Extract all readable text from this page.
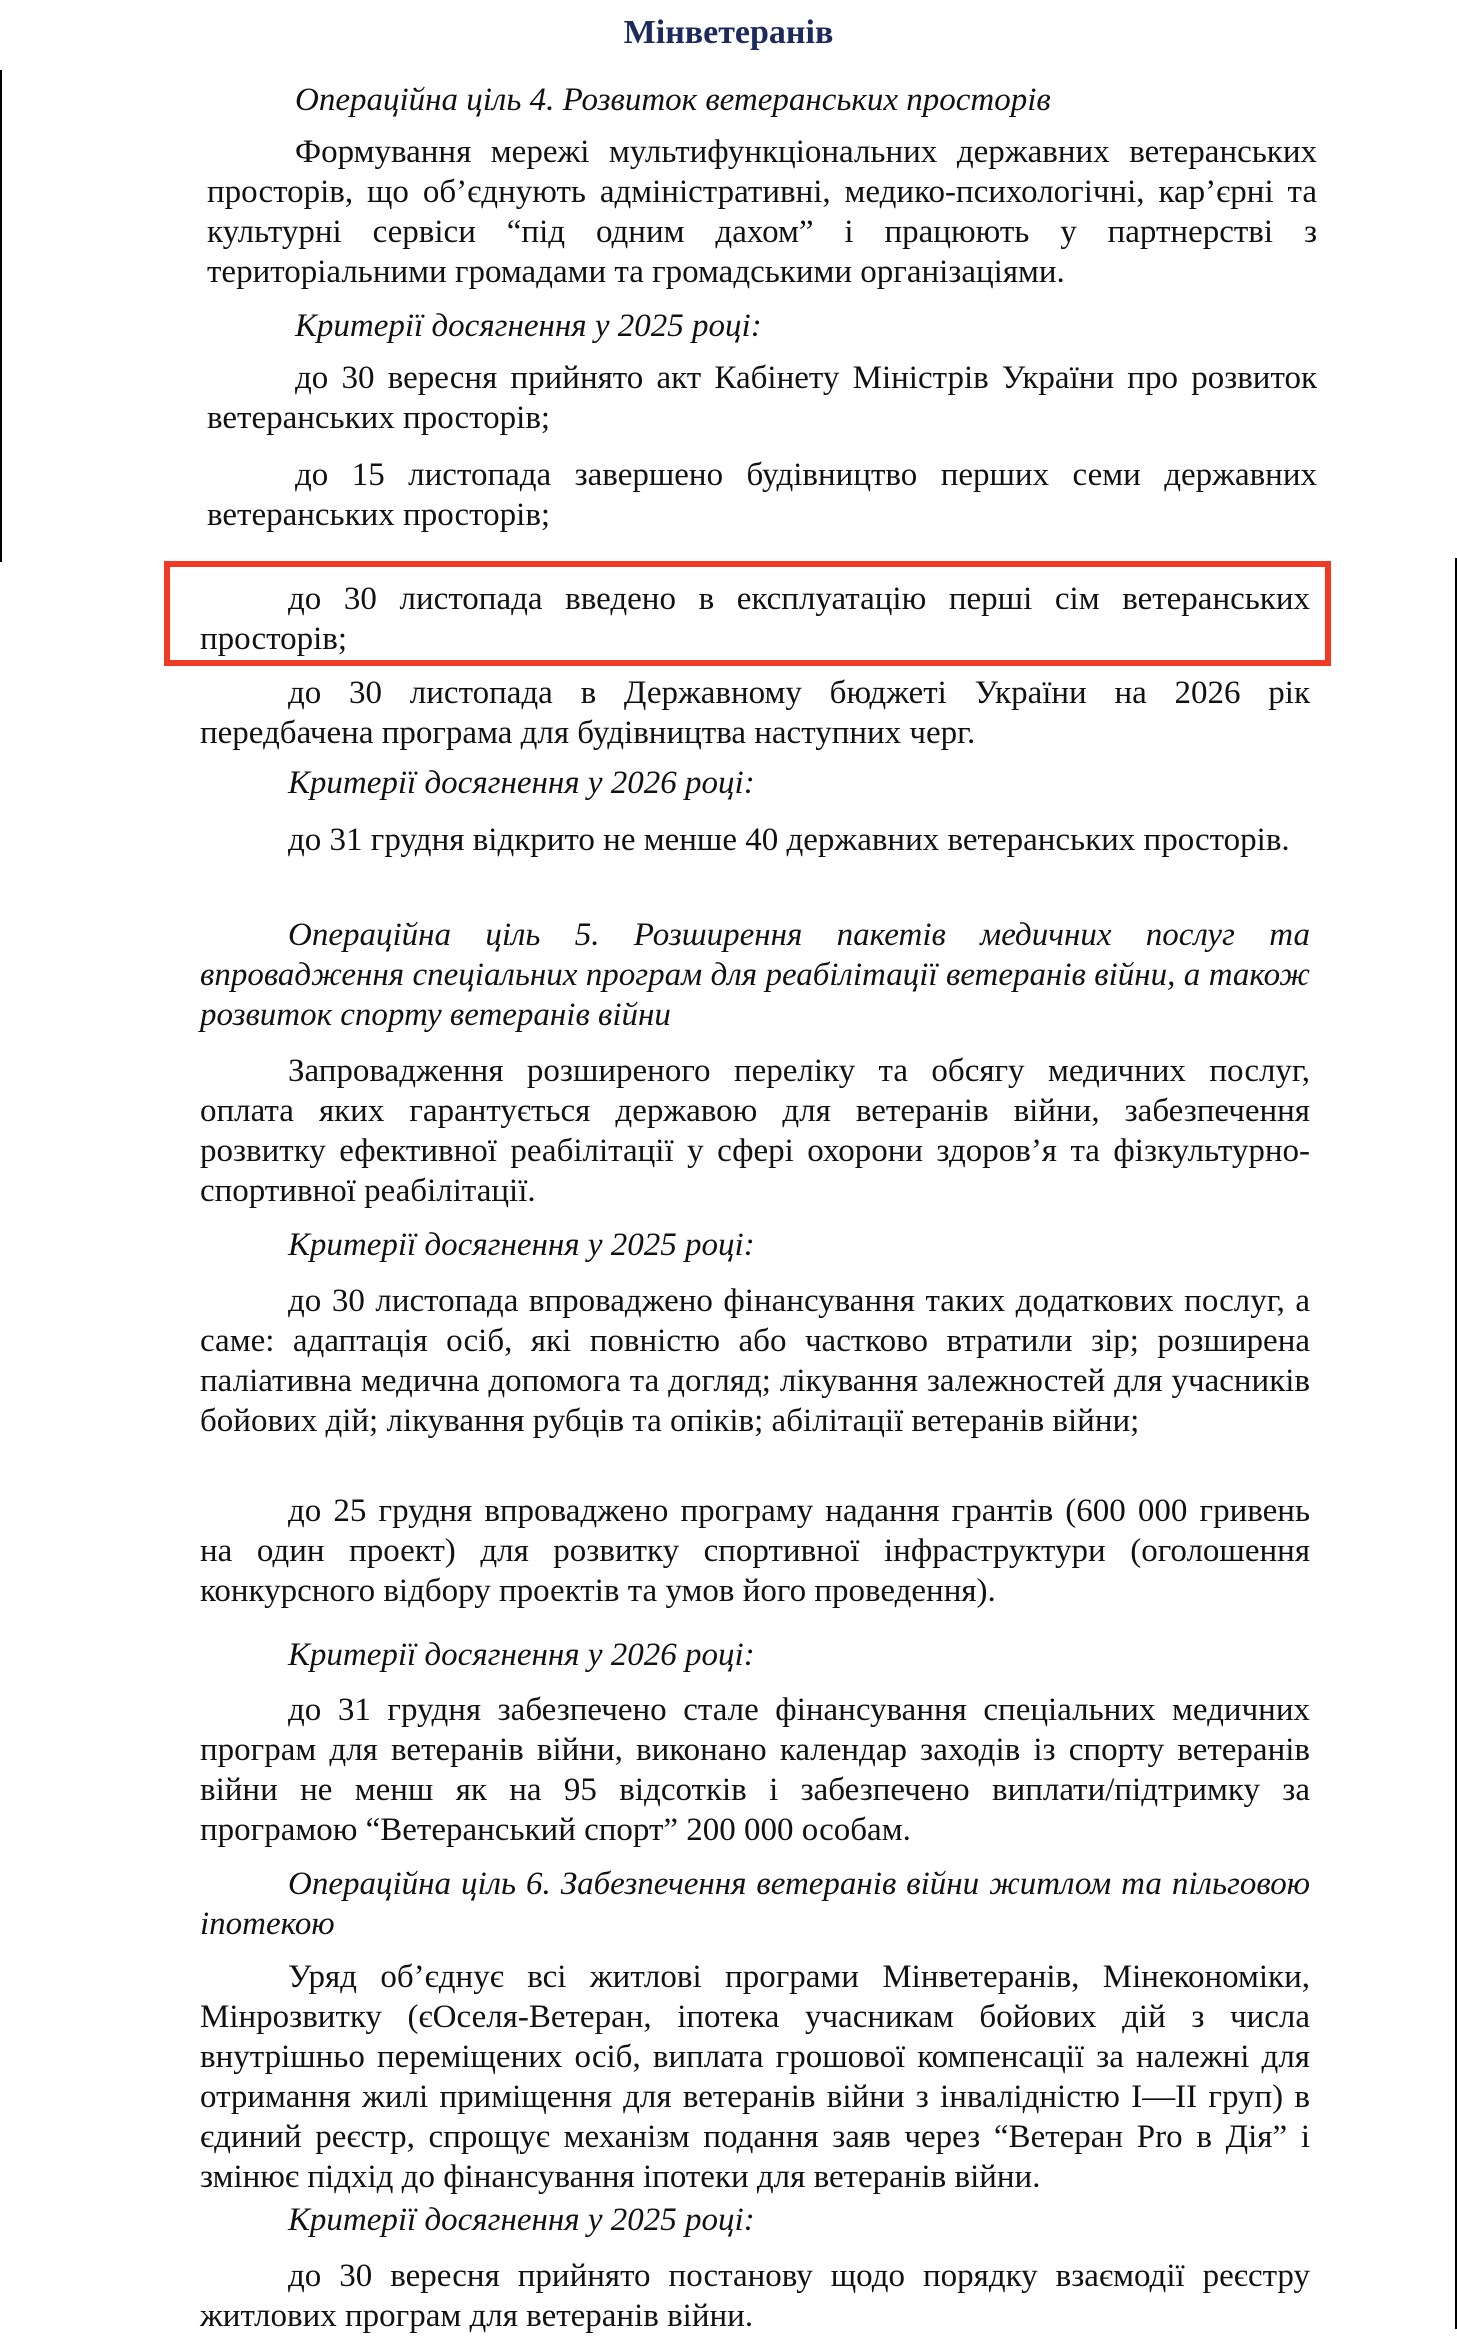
Мінветеранів
Операційна ціль 4. Розвиток ветеранських просторів
Формування мережі мультифункціональних державних ветеранських просторів, що об’єднують адміністративні, медико-психологічні, кар’єрні та культурні сервіси “під одним дахом” і працюють у партнерстві з територіальними громадами та громадськими організаціями.
Критерії досягнення у 2025 році:
до 30 вересня прийнято акт Кабінету Міністрів України про розвиток ветеранських просторів;
до 15 листопада завершено будівництво перших семи державних ветеранських просторів;
до 30 листопада введено в експлуатацію перші сім ветеранських просторів;
до 30 листопада в Державному бюджеті України на 2026 рік передбачена програма для будівництва наступних черг.
Критерії досягнення у 2026 році:
до 31 грудня відкрито не менше 40 державних ветеранських просторів.
Операційна ціль 5. Розширення пакетів медичних послуг та впровадження спеціальних програм для реабілітації ветеранів війни, а також розвиток спорту ветеранів війни
Запровадження розширеного переліку та обсягу медичних послуг, оплата яких гарантується державою для ветеранів війни, забезпечення розвитку ефективної реабілітації у сфері охорони здоров’я та фізкультурно-спортивної реабілітації.
Критерії досягнення у 2025 році:
до 30 листопада впроваджено фінансування таких додаткових послуг, а саме: адаптація осіб, які повністю або частково втратили зір; розширена паліативна медична допомога та догляд; лікування залежностей для учасників бойових дій; лікування рубців та опіків; абілітації ветеранів війни;
до 25 грудня впроваджено програму надання грантів (600 000 гривень на один проект) для розвитку спортивної інфраструктури (оголошення конкурсного відбору проектів та умов його проведення).
Критерії досягнення у 2026 році:
до 31 грудня забезпечено стале фінансування спеціальних медичних програм для ветеранів війни, виконано календар заходів із спорту ветеранів війни не менш як на 95 відсотків і забезпечено виплати/підтримку за програмою “Ветеранський спорт” 200 000 особам.
Операційна ціль 6. Забезпечення ветеранів війни житлом та пільговою іпотекою
Уряд об’єднує всі житлові програми Мінветеранів, Мінекономіки, Мінрозвитку (єОселя-Ветеран, іпотека учасникам бойових дій з числа внутрішньо переміщених осіб, виплата грошової компенсації за належні для отримання жилі приміщення для ветеранів війни з інвалідністю I—II груп) в єдиний реєстр, спрощує механізм подання заяв через “Ветеран Pro в Дія” і змінює підхід до фінансування іпотеки для ветеранів війни.
Критерії досягнення у 2025 році:
до 30 вересня прийнято постанову щодо порядку взаємодії реєстру житлових програм для ветеранів війни.
